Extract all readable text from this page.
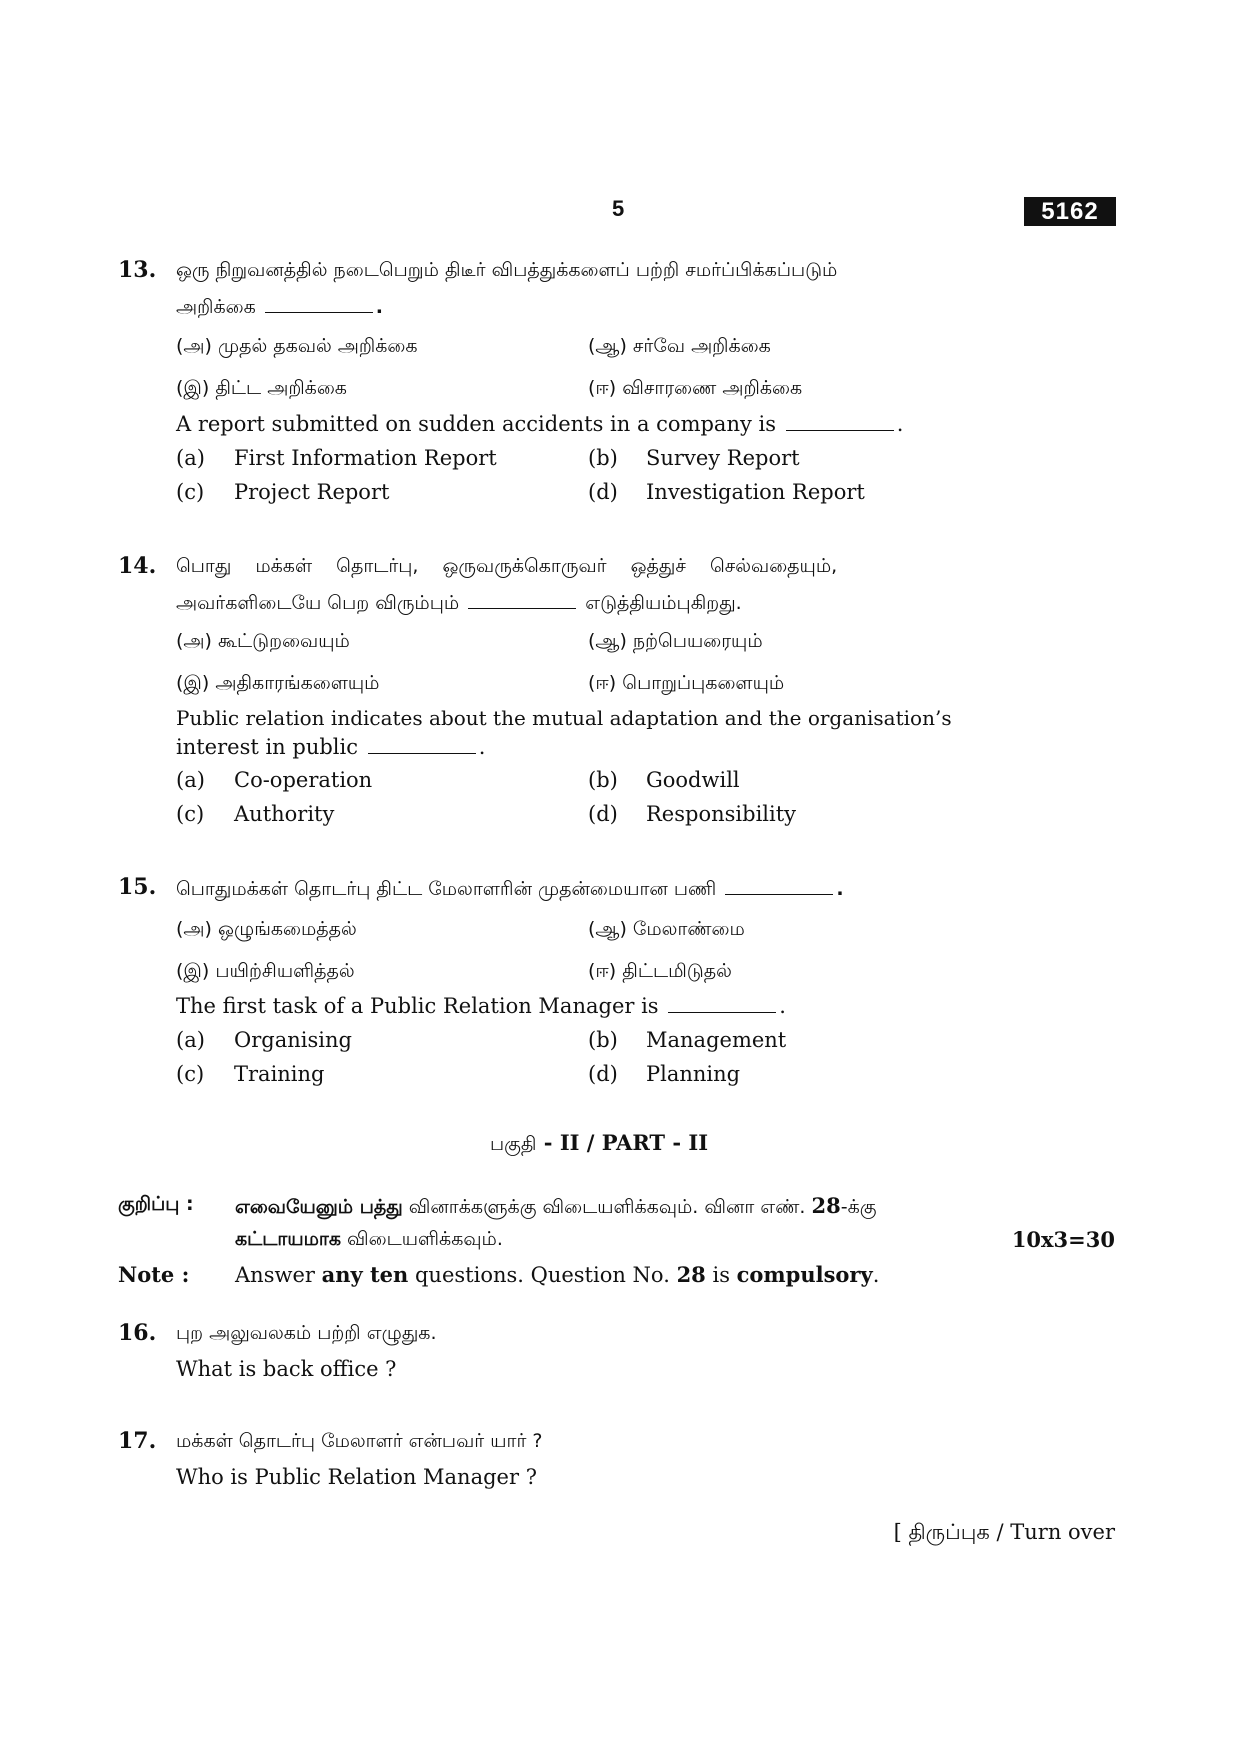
5	5162
13. ஒரு நிறுவனத்தில் நடைபெறும் திடீர் விபத்துக்களைப் பற்றி சமர்ப்பிக்கப்படும்
அறிக்கை	.
(அ) முதல் தகவல் அறிக்கை	(ஆ) சர்வே அறிக்கை
(இ) திட்ட அறிக்கை	(ஈ) விசாரணை அறிக்கை
A report submitted on sudden accidents in a company is	.
(a) First Information Report	(b) Survey Report
(c) Project Report	(d) Investigation Report
14. பொது மக்கள் தொடர்பு, ஒருவருக்கொருவர் ஒத்துச் செல்வதையும்,
அவர்களிடையே பெற விரும்பும்	எடுத்தியம்புகிறது.
(அ) கூட்டுறவையும்	(ஆ) நற்பெயரையும்
(இ) அதிகாரங்களையும்	(ஈ) பொறுப்புகளையும்
Public relation indicates about the mutual adaptation and the organisation’s
interest in public	.
(a) Co-operation	(b) Goodwill
(c) Authority	(d) Responsibility
15. பொதுமக்கள் தொடர்பு திட்ட மேலாளரின் முதன்மையான பணி	.
(அ) ஒழுங்கமைத்தல்	(ஆ) மேலாண்மை
(இ) பயிற்சியளித்தல்	(ஈ) திட்டமிடுதல்
The first task of a Public Relation Manager is	.
(a) Organising	(b) Management
(c) Training	(d) Planning
பகுதி - II / PART - II
குறிப்பு : எவையேனும் பத்து வினாக்களுக்கு விடையளிக்கவும். வினா எண். 28-க்கு
கட்டாயமாக விடையளிக்கவும்.	10x3=30
Note : Answer any ten questions. Question No. 28 is compulsory.
16. புற அலுவலகம் பற்றி எழுதுக.
What is back office ?
17. மக்கள் தொடர்பு மேலாளர் என்பவர் யார் ?
Who is Public Relation Manager ?
[ திருப்புக / Turn over
